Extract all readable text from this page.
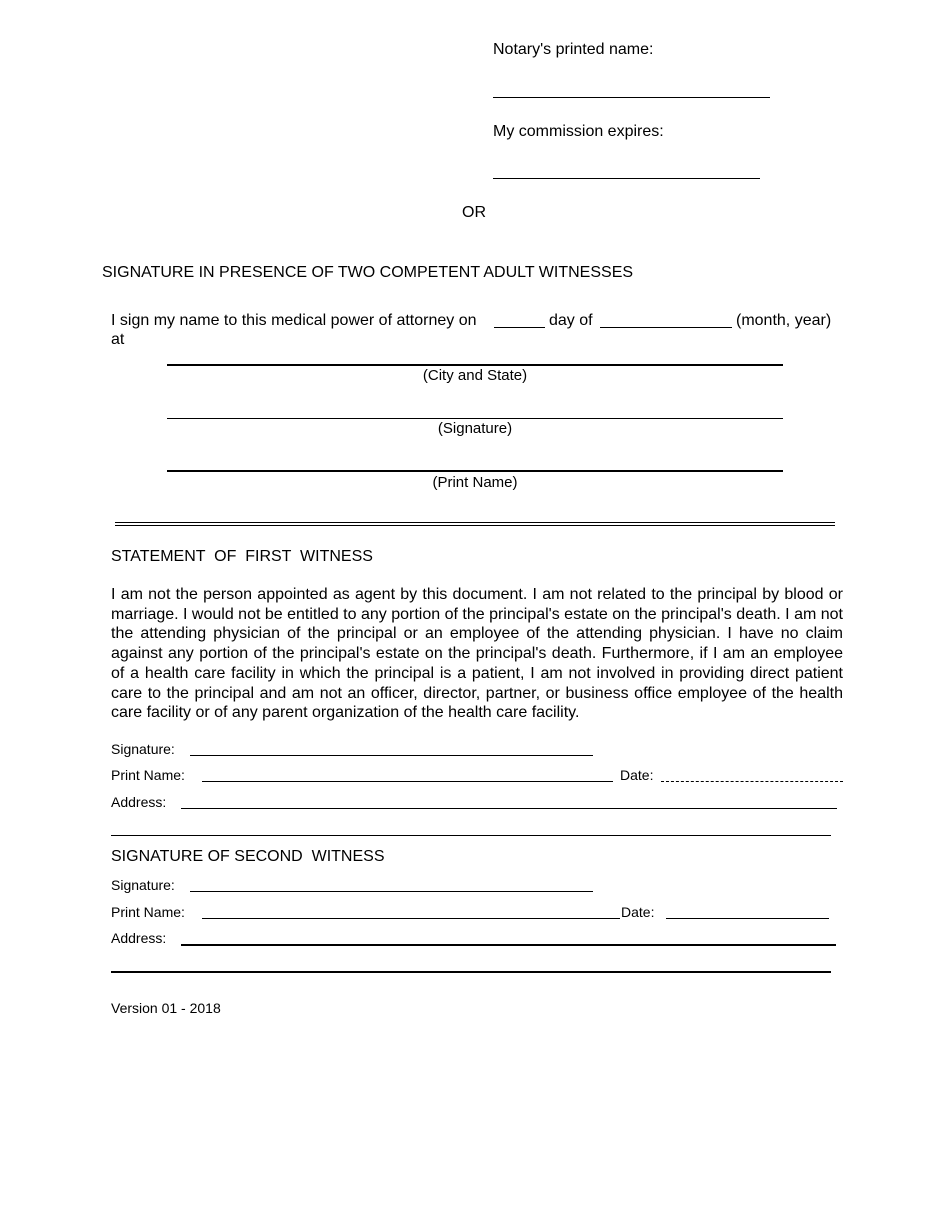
Notary's printed name:
My commission expires:
OR
SIGNATURE IN PRESENCE OF TWO COMPETENT ADULT WITNESSES
I sign my name to this medical power of attorney on	day of	(month, year)
at
(City and State)
(Signature)
(Print Name)
STATEMENT  OF  FIRST  WITNESS
I am not the person appointed as agent by this document. I am not related to the principal by blood or marriage. I would not be entitled to any portion of the principal's estate on the principal's death. I am not the attending physician of the principal or an employee of the attending physician. I have no claim against any portion of the principal's estate on the principal's death. Furthermore, if I am an employee of a health care facility in which the principal is a patient, I am not involved in providing direct patient care to the principal and am not an officer, director, partner, or business office employee of the health care facility or of any parent organization of the health care facility.
Signature:
Print Name:	Date:
Address:
SIGNATURE OF SECOND  WITNESS
Signature:
Print Name:	Date:
Address:
Version 01 - 2018
